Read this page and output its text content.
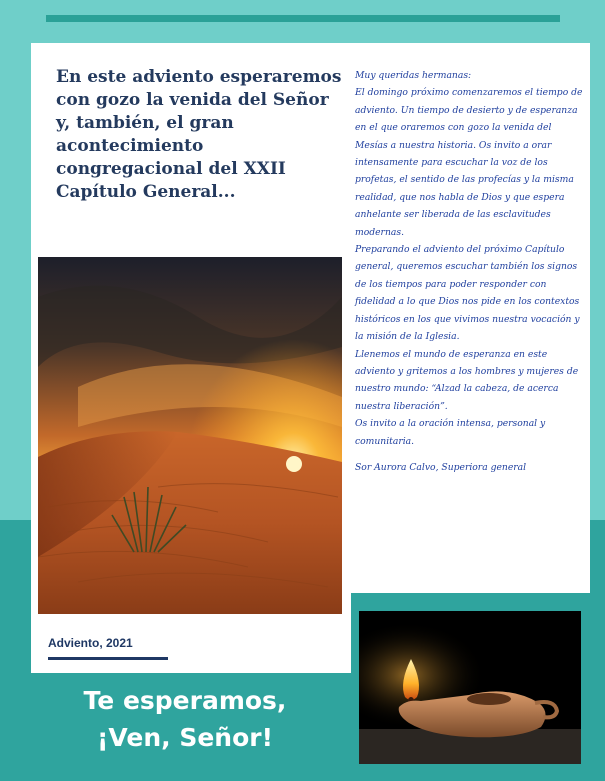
En este adviento esperaremos
con gozo la venida del Señor
y, también, el gran
acontecimiento
congregacional del XXII
Capítulo General...
Adviento, 2021

Muy queridas hermanas:

El domingo próximo comenzaremos el tiempo de adviento. Un tiempo de desierto y de esperanza en el que oraremos con gozo la venida del Mesías a nuestra historia. Os invito a orar intensamente para escuchar la voz de los profetas, el sentido de las profecías y la misma realidad, que nos habla de Dios y que espera anhelante ser liberada de las esclavitudes modernas.

Preparando el adviento del próximo Capítulo general, queremos escuchar también los signos de los tiempos para poder responder con fidelidad a lo que Dios nos pide en los contextos históricos en los que vivimos nuestra vocación y la misión de la Iglesia.

Llenemos el mundo de esperanza en este adviento y gritemos a los hombres y mujeres de nuestro mundo: “Alzad la cabeza, de acerca nuestra liberación”.

Os invito a la oración intensa, personal y comunitaria.

Sor Aurora Calvo, Superiora general

Te esperamos,
¡Ven, Señor!
